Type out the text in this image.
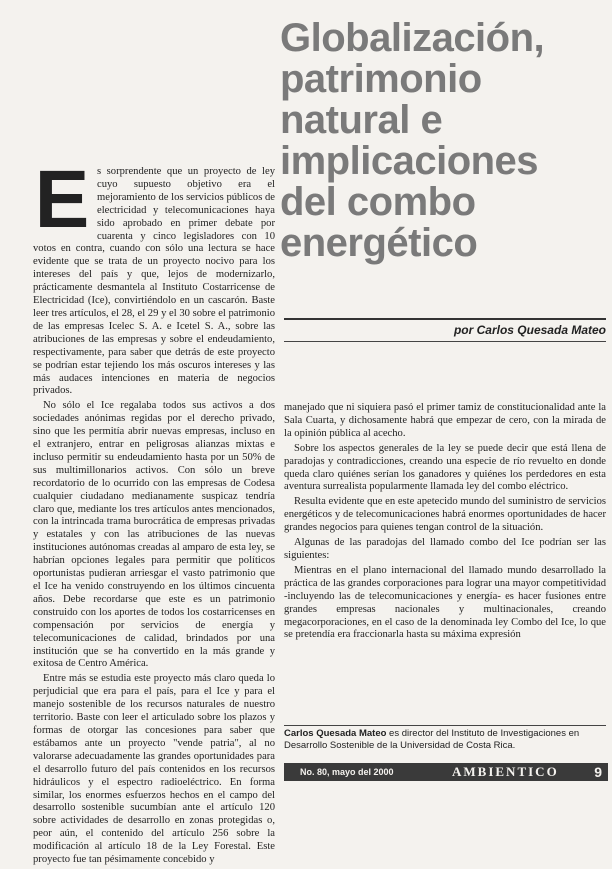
Globalización,
patrimonio
natural e
implicaciones
del combo
energético
por Carlos Quesada Mateo

Es sorprendente que un proyecto de ley cuyo supuesto objetivo era el mejoramiento de los servicios públicos de electricidad y telecomunicaciones haya sido aprobado en primer debate por cuarenta y cinco legisladores con 10 votos en contra, cuando con sólo una lectura se hace evidente que se trata de un proyecto nocivo para los intereses del país y que, lejos de modernizarlo, prácticamente desmantela al Instituto Costarricense de Electricidad (Ice), convirtiéndolo en un cascarón. Baste leer tres artículos, el 28, el 29 y el 30 sobre el patrimonio de las empresas Icelec S. A. e Icetel S. A., sobre las atribuciones de las empresas y sobre el endeudamiento, respectivamente, para saber que detrás de este proyecto se podrían estar tejiendo los más oscuros intereses y las más audaces intenciones en materia de negocios privados.

No sólo el Ice regalaba todos sus activos a dos sociedades anónimas regidas por el derecho privado, sino que les permitía abrir nuevas empresas, incluso en el extranjero, entrar en peligrosas alianzas mixtas e incluso permitir su endeudamiento hasta por un 50% de sus multimillonarios activos. Con sólo un breve recordatorio de lo ocurrido con las empresas de Codesa cualquier ciudadano medianamente suspicaz tendría claro que, mediante los tres artículos antes mencionados, con la intrincada trama burocrática de empresas privadas y estatales y con las atribuciones de las nuevas instituciones autónomas creadas al amparo de esta ley, se habrían opciones legales para permitir que políticos oportunistas pudieran arriesgar el vasto patrimonio que el Ice ha venido construyendo en los últimos cincuenta años. Debe recordarse que este es un patrimonio construido con los aportes de todos los costarricenses en compensación por servicios de energía y telecomunicaciones de calidad, brindados por una institución que se ha convertido en la más grande y exitosa de Centro América.

Entre más se estudia este proyecto más claro queda lo perjudicial que era para el país, para el Ice y para el manejo sostenible de los recursos naturales de nuestro territorio. Baste con leer el articulado sobre los plazos y formas de otorgar las concesiones para saber que estábamos ante un proyecto "vende patria", al no valorarse adecuadamente las grandes oportunidades para el desarrollo futuro del país contenidos en los recursos hidráulicos y el espectro radioeléctrico. En forma similar, los enormes esfuerzos hechos en el campo del desarrollo sostenible sucumbían ante el artículo 120 sobre actividades de desarrollo en zonas protegidas o, peor aún, el contenido del artículo 256 sobre la modificación al artículo 18 de la Ley Forestal. Este proyecto fue tan pésimamente concebido y

manejado que ni siquiera pasó el primer tamiz de constitucionalidad ante la Sala Cuarta, y dichosamente habrá que empezar de cero, con la mirada de la opinión pública al acecho.

Sobre los aspectos generales de la ley se puede decir que está llena de paradojas y contradicciones, creando una especie de río revuelto en donde queda claro quiénes serían los ganadores y quiénes los perdedores en esta aventura surrealista popularmente llamada ley del combo eléctrico.

Resulta evidente que en este apetecido mundo del suministro de servicios energéticos y de telecomunicaciones habrá enormes oportunidades de hacer grandes negocios para quienes tengan control de la situación.

Algunas de las paradojas del llamado combo del Ice podrían ser las siguientes:

Mientras en el plano internacional del llamado mundo desarrollado la práctica de las grandes corporaciones para lograr una mayor competitividad -incluyendo las de telecomunicaciones y energía- es hacer fusiones entre grandes empresas nacionales y multinacionales, creando megacorporaciones, en el caso de la denominada ley Combo del Ice, lo que se pretendía era fraccionarla hasta su máxima expresión

Carlos Quesada Mateo es director del Instituto de Investigaciones en Desarrollo Sostenible de la Universidad de Costa Rica.
No. 80, mayo del 2000	AMBIENTICO	9
